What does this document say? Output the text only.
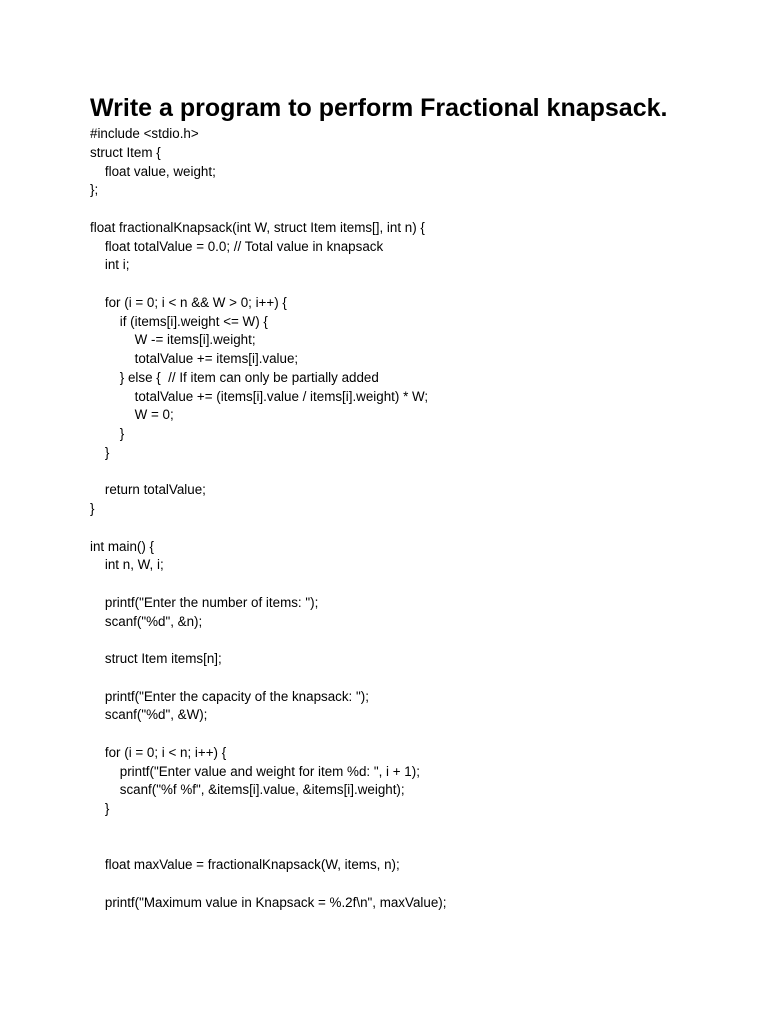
Write a program to perform Fractional knapsack.
#include <stdio.h>
struct Item {
float value, weight;
};
float fractionalKnapsack(int W, struct Item items[], int n) {
float totalValue = 0.0; // Total value in knapsack
int i;
for (i = 0; i < n && W > 0; i++) {
if (items[i].weight <= W) {
W -= items[i].weight;
totalValue += items[i].value;
} else {  // If item can only be partially added
totalValue += (items[i].value / items[i].weight) * W;
W = 0;
}
}
return totalValue;
}
int main() {
int n, W, i;
printf("Enter the number of items: ");
scanf("%d", &n);
struct Item items[n];
printf("Enter the capacity of the knapsack: ");
scanf("%d", &W);
for (i = 0; i < n; i++) {
printf("Enter value and weight for item %d: ", i + 1);
scanf("%f %f", &items[i].value, &items[i].weight);
}
float maxValue = fractionalKnapsack(W, items, n);
printf("Maximum value in Knapsack = %.2f\n", maxValue);
